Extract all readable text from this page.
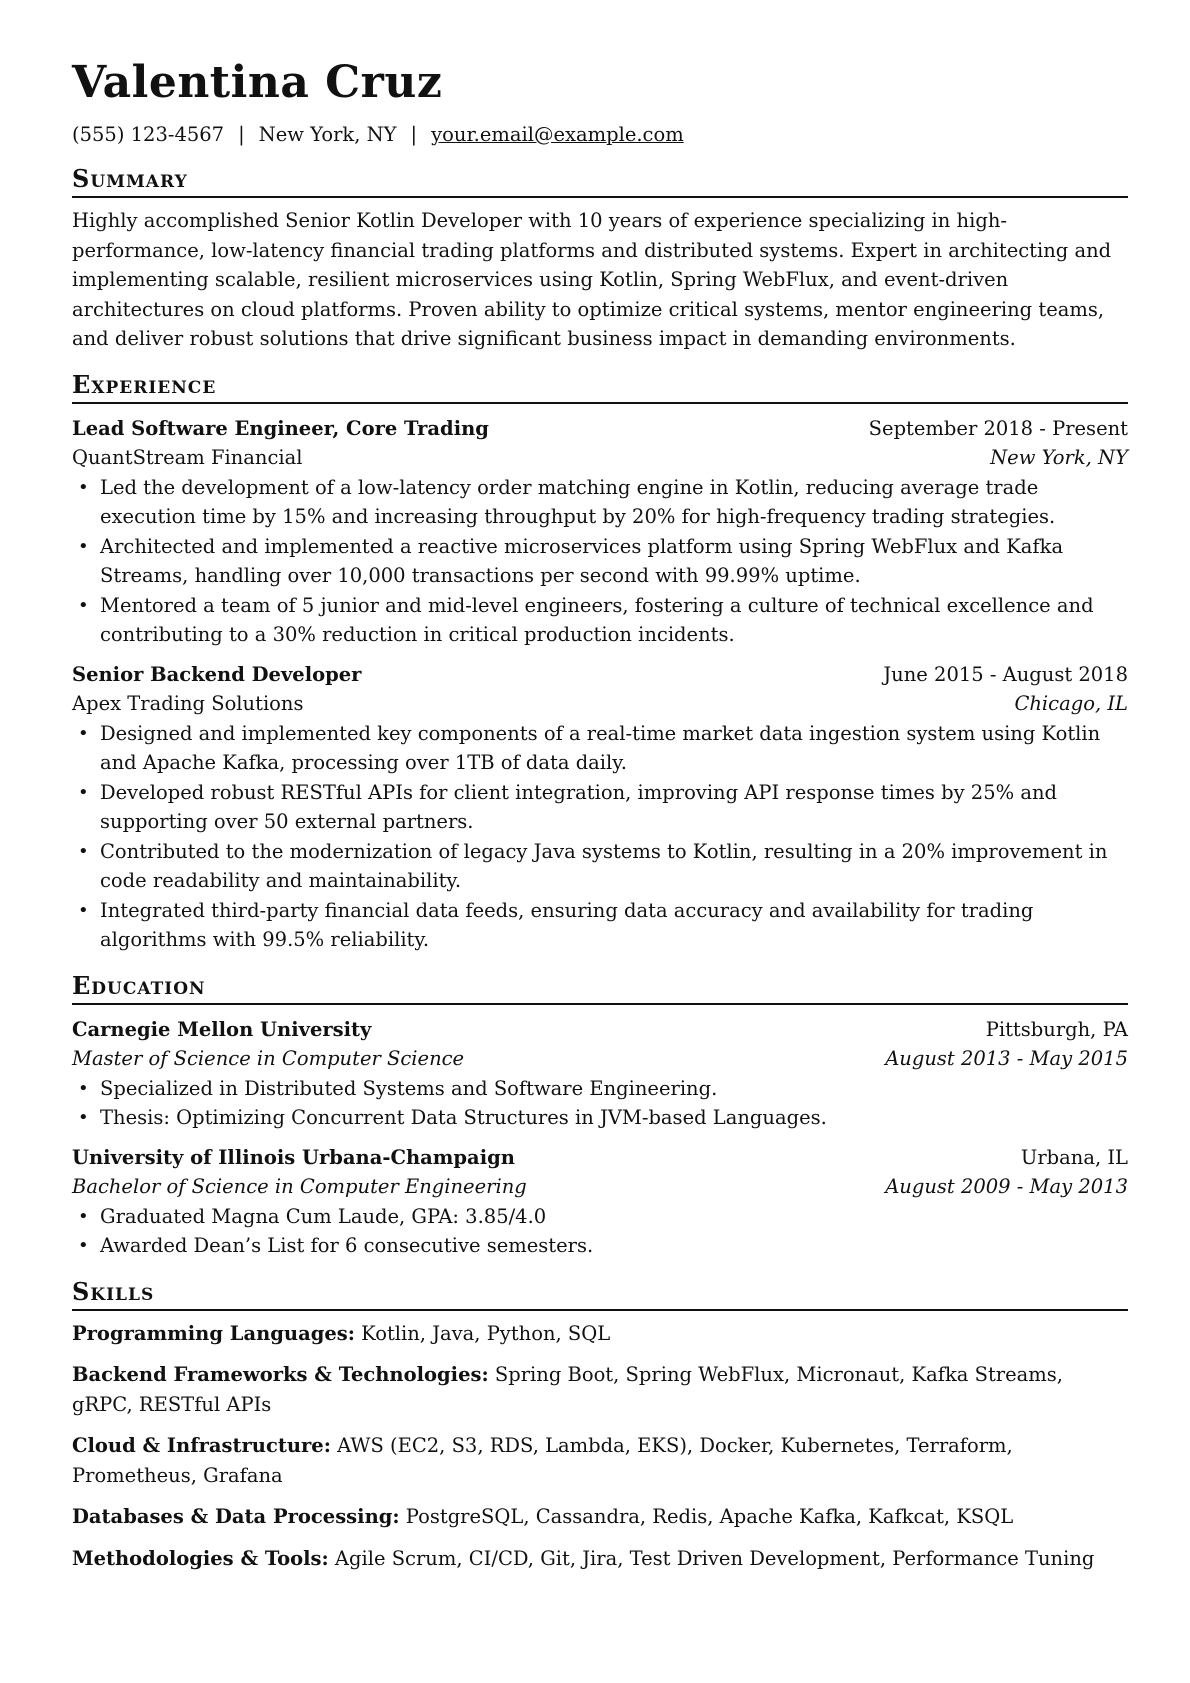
Valentina Cruz
(555) 123-4567 | New York, NY | your.email@example.com
Summary
Highly accomplished Senior Kotlin Developer with 10 years of experience specializing in high-performance, low-latency financial trading platforms and distributed systems. Expert in architecting and implementing scalable, resilient microservices using Kotlin, Spring WebFlux, and event-driven architectures on cloud platforms. Proven ability to optimize critical systems, mentor engineering teams, and deliver robust solutions that drive significant business impact in demanding environments.
Experience
Lead Software Engineer, Core Trading	September 2018 - Present
QuantStream Financial	New York, NY
• Led the development of a low-latency order matching engine in Kotlin, reducing average trade execution time by 15% and increasing throughput by 20% for high-frequency trading strategies.
• Architected and implemented a reactive microservices platform using Spring WebFlux and Kafka Streams, handling over 10,000 transactions per second with 99.99% uptime.
• Mentored a team of 5 junior and mid-level engineers, fostering a culture of technical excellence and contributing to a 30% reduction in critical production incidents.
Senior Backend Developer	June 2015 - August 2018
Apex Trading Solutions	Chicago, IL
• Designed and implemented key components of a real-time market data ingestion system using Kotlin and Apache Kafka, processing over 1TB of data daily.
• Developed robust RESTful APIs for client integration, improving API response times by 25% and supporting over 50 external partners.
• Contributed to the modernization of legacy Java systems to Kotlin, resulting in a 20% improvement in code readability and maintainability.
• Integrated third-party financial data feeds, ensuring data accuracy and availability for trading algorithms with 99.5% reliability.
Education
Carnegie Mellon University	Pittsburgh, PA
Master of Science in Computer Science	August 2013 - May 2015
• Specialized in Distributed Systems and Software Engineering.
• Thesis: Optimizing Concurrent Data Structures in JVM-based Languages.
University of Illinois Urbana-Champaign	Urbana, IL
Bachelor of Science in Computer Engineering	August 2009 - May 2013
• Graduated Magna Cum Laude, GPA: 3.85/4.0
• Awarded Dean’s List for 6 consecutive semesters.
Skills
Programming Languages: Kotlin, Java, Python, SQL
Backend Frameworks & Technologies: Spring Boot, Spring WebFlux, Micronaut, Kafka Streams, gRPC, RESTful APIs
Cloud & Infrastructure: AWS (EC2, S3, RDS, Lambda, EKS), Docker, Kubernetes, Terraform, Prometheus, Grafana
Databases & Data Processing: PostgreSQL, Cassandra, Redis, Apache Kafka, Kafkcat, KSQL
Methodologies & Tools: Agile Scrum, CI/CD, Git, Jira, Test Driven Development, Performance Tuning
